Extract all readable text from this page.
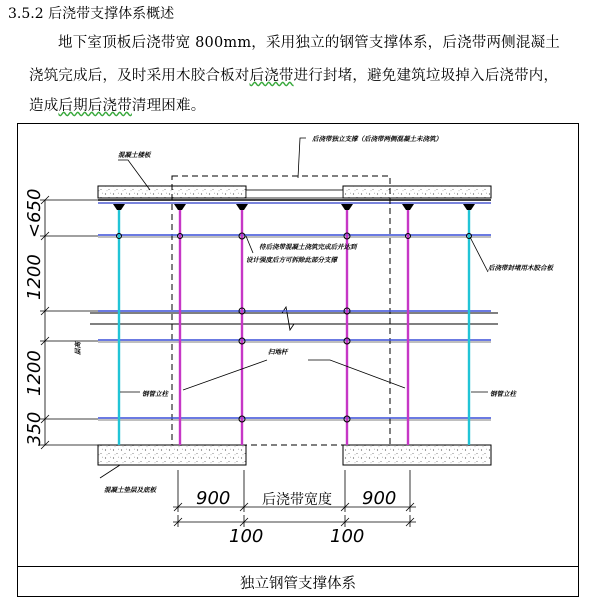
3.5.2 后浇带支撑体系概述
地下室顶板后浇带宽 800mm，采用独立的钢管支撑体系，后浇带两侧混凝土
浇筑完成后，及时采用木胶合板对后浇带进行封堵，避免建筑垃圾掉入后浇带内，
造成后期后浇带清理困难。
后浇带独立支撑（后浇带两侧混凝土未浇筑）
混凝土楼板
待后浇带混凝土浇筑完成后并达到
设计强度后方可拆除此部分支撑
后浇带封堵用木胶合板
扫地杆
钢管立柱	钢管立柱
混凝土垫层及底板
层高
<650
1200
1200
350
900 后浇带宽度 900
100	100
独立钢管支撑体系
